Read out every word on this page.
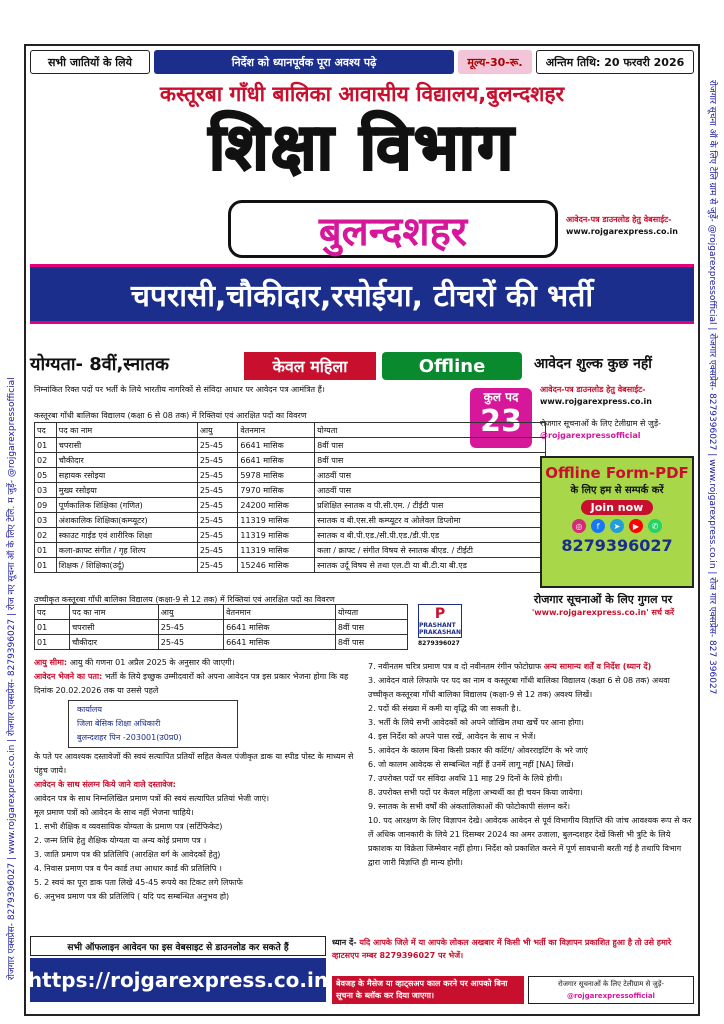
रोजगार एक्सप्रेस- 8279396027 | www.rojgarexpress.co.in | रोजगार एक्सप्रेस- 8279396027 | रोज नए सूचना ऑ के लिए टेलि. म जुड़ें- @rojgarexpressofficial	रोजगार सूचना ऑ के लिए टेलि ग्राम से जुड़ें- @rojgarexpressofficial | रोजगार एक्सप्रेस- 8279396027 | www.rojgarexpress.co.in | रोज गार एक्सप्रेस- 827 396027
सभी जातियों के लिये	निर्देश को ध्यानपूर्वक पूरा अवश्य पढ़े	मूल्य-30-रू.	अन्तिम तिथि: 20 फरवरी 2026
कस्तूरबा गाँधी बालिका आवासीय विद्यालय,बुलन्दशहर
शिक्षा विभाग
बुलन्दशहर	आवेदन-पत्र डाउनलोड हेतु वेबसाईट-
www.rojgarexpress.co.in
चपरासी,चौकीदार,रसोईया, टीचरों की भर्ती
योग्यता- 8वीं,स्नातक	केवल महिला	Offline	आवेदन शुल्क कुछ नहीं
निम्नांकित रिक्त पदों पर भर्ती के लिये भारतीय नागरिकों से संविदा आधार पर आवेदन पत्र आमंत्रित हैं।
कुल पद
23
आवेदन-पत्र डाउनलोड हेतु वेबसाईट-
www.rojgarexpress.co.in
रोजगार सूचनाओं के लिए टेलीग्राम से जुड़ें- @rojgarexpressofficial
कस्तूरबा गाँधी बालिका विद्यालय (कक्षा 6 से 08 तक) में रिक्तियां एवं आरक्षित पदों का विवरण
पद	पद का नाम	आयु	वेतनमान	योग्यता
01	चपरासी	25-45	6641 मासिक	8वीं पास
02	चौकीदार	25-45	6641 मासिक	8वीं पास
05	सहायक रसोइया	25-45	5978 मासिक	आठवीं पास
03	मुख्य रसोइया	25-45	7970 मासिक	आठवीं पास
09	पूर्णकालिक शिक्षिका (गणित)	25-45	24200 मासिक	प्रशिक्षित स्नातक व पी.सी.एम. / टीईटी पास
03	अंशकालिक शिक्षिका(कम्प्यूटर)	25-45	11319 मासिक	स्नातक व बी.एस.सी कम्प्यूटर व ओलेवल डिप्लोमा
02	स्काउट गाईड एवं शारीरिक शिक्षा	25-45	11319 मासिक	स्नातक व बी.पी.एड./सी.पी.एड./डी.पी.एड
01	कला-क्राफ्ट संगीत / गृह शिल्प	25-45	11319 मासिक	कला / क्राफ्ट / संगीत विषय से स्नातक बीएड. / टीईटी
01	शिक्षक / शिक्षिका(उर्दू)	25-45	15246 मासिक	स्नातक उर्दू विषय से तथा एल.टी या बी.टी.या बी.एड
उच्चीकृत कस्तूरबा गाँधी बालिका विद्यालय (कक्षा-9 से 12 तक) में रिक्तियां एवं आरक्षित पदों का विवरण
पद	पद का नाम	आयु	वेतनमान	योग्यता
01	चपरासी	25-45	6641 मासिक	8वीं पास
01	चौकीदार	25-45	6641 मासिक	8वीं पास
P
PRASHANT PRAKASHAN
8279396027
Offline Form-PDF
के लिए हम से सम्पर्क करें
Join now
◎	f	➤	▶	✆
8279396027
रोजगार सूचनाओं के लिए गुगल पर
'www.rojgarexpress.co.in' सर्च करें
आयु सीमा: आयु की गणना 01 अप्रैल 2025 के अनुसार की जाएगी।
आवेदन भेजने का पता: भर्ती के लिये इच्छुक उम्मीदवारों को अपना आवेदन पत्र इस प्रकार भेजना होगा कि वह दिनांक 20.02.2026 तक या उससे पहले
कार्यालय
जिला बेसिक शिक्षा अधिकारी
बुलन्दशहर पिन -203001(उ0प्र0)
के पते पर आवश्यक दस्तावेजों की स्वयं सत्यापित प्रतियों सहित केवल पंजीकृत डाक या स्पीड पोस्ट के माध्यम से पंहुच जाये।
आवेदन के साथ संलग्न किये जाने वाले दस्तावेज:
आवेदन पत्र के साथ निम्नलिखित प्रमाण पत्रों की स्वयं सत्यापित प्रतियां भेजी जाएं।
मूल प्रमाण पत्रों को आवेदन के साथ नहीं भेजना चाहिये।
1. सभी शैक्षिक व व्यवसायिक योग्यता के प्रमाण पत्र (सर्टिफिकेट)
2. जन्म तिथि हेतु शैक्षिक योग्यता या अन्य कोई प्रमाण पत्र ।
3. जाति प्रमाण पत्र की प्रतिलिपि (आरक्षित वर्ग के आवेदकों हेतु)
4. निवास प्रमाण पत्र व पैन कार्ड तथा आधार कार्ड की प्रतिलिपि ।
5. 2 स्वयं का पूरा डाक पता लिखे 45-45 रूपये का टिकट लगे लिफाफे
6. अनुभव प्रमाण पत्र की प्रतिलिपि ( यदि पद सम्बन्धित अनुभव हो)
7. नवीनतम चरित्र प्रमाण पत्र व दो नवीनतम रंगीन फोटोग्राफ अन्य सामान्य शर्तें व निर्देश (ध्यान दें)
3. आवेदन वाले लिफाफे पर पद का नाम व कस्तूरबा गाँधी बालिका विद्यालय (कक्षा 6 से 08 तक) अथवा उच्चीकृत कस्तूरबा गाँधी बालिका विद्यालय (कक्षा-9 से 12 तक) अवश्य लिखें।
2. पदों की संख्या में कमी या वृद्धि की जा सकती है।.
3. भर्ती के लिये सभी आवेदकों को अपने जोखिम तथा खर्चे पर आना होगा।
4. इस निर्देश को अपने पास रखें, आवेदन के साथ न भेजें।
5. आवेदन के कालम बिना किसी प्रकार की कटिंग/ ओवरराइटिंग के भरे जाएं
6. जो कालम आवेदक से सम्बन्धित नहीं हैं उनमें लागू नहीं [NA] लिखें।
7. उपरोक्त पदों पर संविदा अवधि 11 माह 29 दिनों के लिये होगी।
8. उपरोक्त सभी पदों पर केवल महिला अभ्यर्थी का ही चयन किया जायेगा।
9. स्नातक के सभी वर्षों की अंकतालिकाओं की फोटोकापी संलग्न करें।
10. पद आरक्षण के लिए विज्ञापन देखे। आवेदक आवेदन से पूर्व विभागीय विज्ञप्ति की जांच आवश्यक रूप से कर लें अधिक जानकारी के लिये 21 दिसम्बर 2024 का अमर उजाला, बुलन्दशहर देखें किसी भी त्रुटि के लिये प्रकाशक या विक्रेता जिम्मेवार नहीं होगा। निर्देश को प्रकाशित करने में पूर्ण सावधानी बरती गई है तथापि विभाग द्वारा जारी विज्ञप्ति ही मान्य होगी।
सभी ऑफलाइन आवेदन फा इस वेबसाइट से डाउनलोड कर सकते हैं
https://rojgarexpress.co.in
ध्यान दें- यदि आपके जिले में या आपके लोकल अखबार में किसी भी भर्ती का विज्ञापन प्रकाशित हुआ है तो उसे हमारे व्हाटसएप नम्बर 8279396027 पर भेजें।
बेवजह के मैसेज या व्हाट्सअप काल करने पर आपको बिना सूचना के ब्लॉक कर दिया जाएगा।
रोजगार सूचनाओं के लिए टेलीग्राम से जुड़ें-
@rojgarexpressofficial
